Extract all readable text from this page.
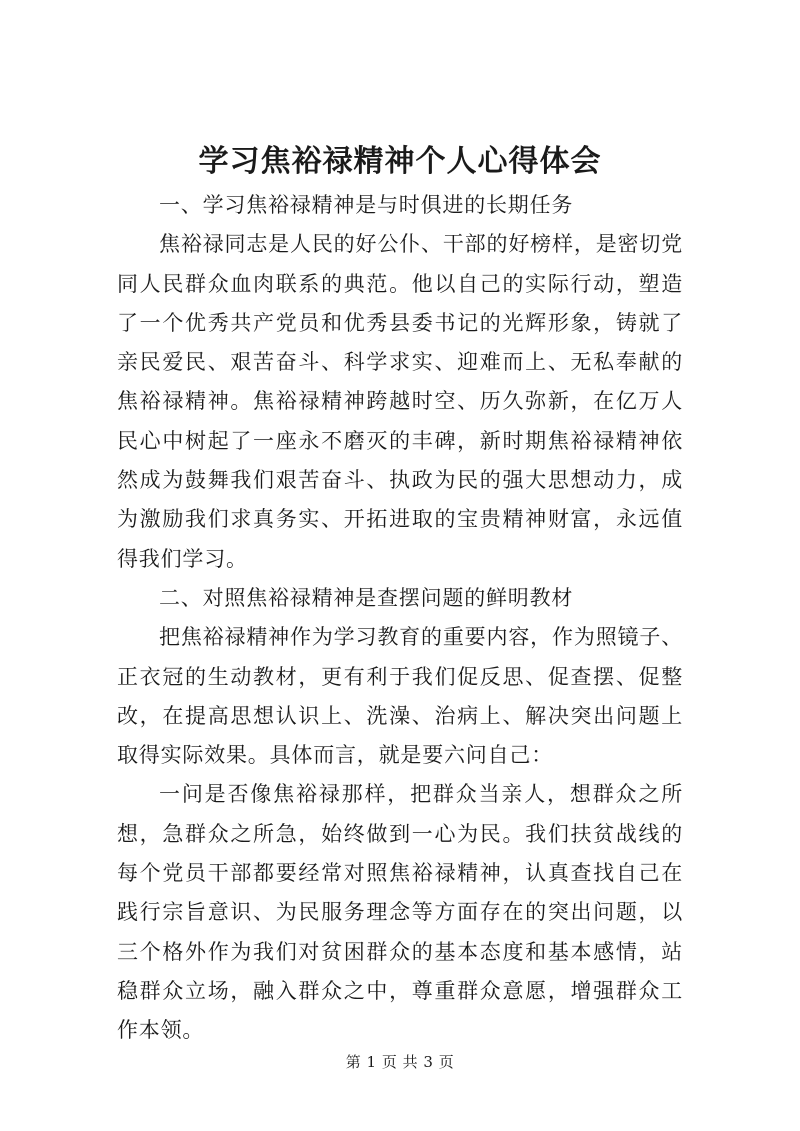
学习焦裕禄精神个人心得体会

一、学习焦裕禄精神是与时俱进的长期任务

焦裕禄同志是人民的好公仆、干部的好榜样，是密切党同人民群众血肉联系的典范。他以自己的实际行动，塑造了一个优秀共产党员和优秀县委书记的光辉形象，铸就了亲民爱民、艰苦奋斗、科学求实、迎难而上、无私奉献的焦裕禄精神。焦裕禄精神跨越时空、历久弥新，在亿万人民心中树起了一座永不磨灭的丰碑，新时期焦裕禄精神依然成为鼓舞我们艰苦奋斗、执政为民的强大思想动力，成为激励我们求真务实、开拓进取的宝贵精神财富，永远值得我们学习。

二、对照焦裕禄精神是查摆问题的鲜明教材

把焦裕禄精神作为学习教育的重要内容，作为照镜子、正衣冠的生动教材，更有利于我们促反思、促查摆、促整改，在提高思想认识上、洗澡、治病上、解决突出问题上取得实际效果。具体而言，就是要六问自己：

一问是否像焦裕禄那样，把群众当亲人，想群众之所想，急群众之所急，始终做到一心为民。我们扶贫战线的每个党员干部都要经常对照焦裕禄精神，认真查找自己在践行宗旨意识、为民服务理念等方面存在的突出问题，以三个格外作为我们对贫困群众的基本态度和基本感情，站稳群众立场，融入群众之中，尊重群众意愿，增强群众工作本领。

第 1 页 共 3 页
